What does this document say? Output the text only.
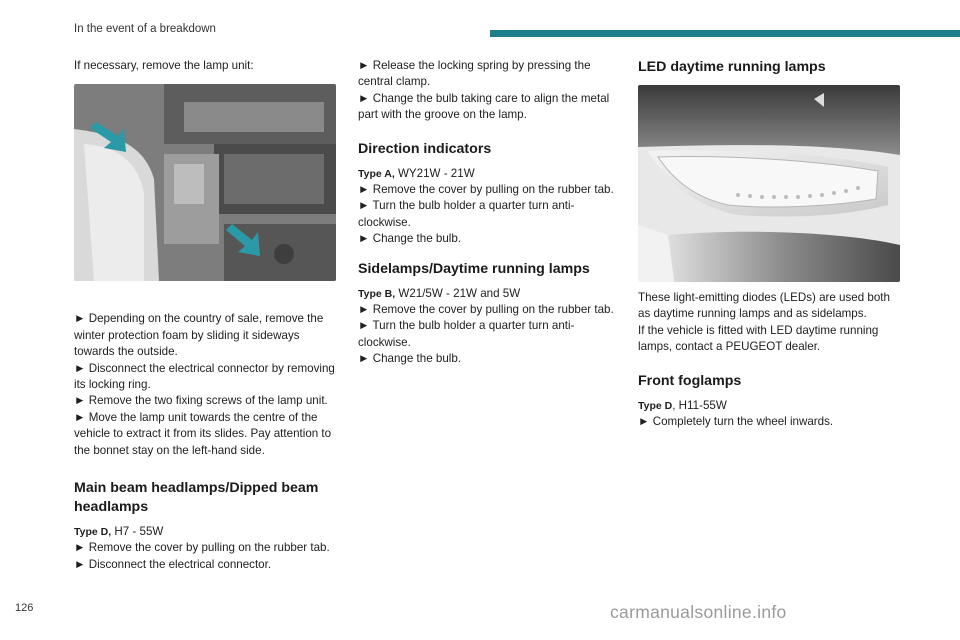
In the event of a breakdown

If necessary, remove the lamp unit:

► Depending on the country of sale, remove the winter protection foam by sliding it sideways towards the outside.

► Disconnect the electrical connector by removing its locking ring.

► Remove the two fixing screws of the lamp unit.

► Move the lamp unit towards the centre of the vehicle to extract it from its slides. Pay attention to the bonnet stay on the left-hand side.

Main beam headlamps/Dipped beam headlamps

Type D, H7 - 55W

► Remove the cover by pulling on the rubber tab.

► Disconnect the electrical connector.

► Release the locking spring by pressing the central clamp.

► Change the bulb taking care to align the metal part with the groove on the lamp.

Direction indicators

Type A, WY21W - 21W

► Remove the cover by pulling on the rubber tab.

► Turn the bulb holder a quarter turn anti-clockwise.

► Change the bulb.

Sidelamps/Daytime running lamps

Type B, W21/5W - 21W and 5W

► Remove the cover by pulling on the rubber tab.

► Turn the bulb holder a quarter turn anti-clockwise.

► Change the bulb.

LED daytime running lamps

These light-emitting diodes (LEDs) are used both as daytime running lamps and as sidelamps.

If the vehicle is fitted with LED daytime running lamps, contact a PEUGEOT dealer.

Front foglamps

Type D, H11-55W

► Completely turn the wheel inwards.

126	carmanualsonline.info
